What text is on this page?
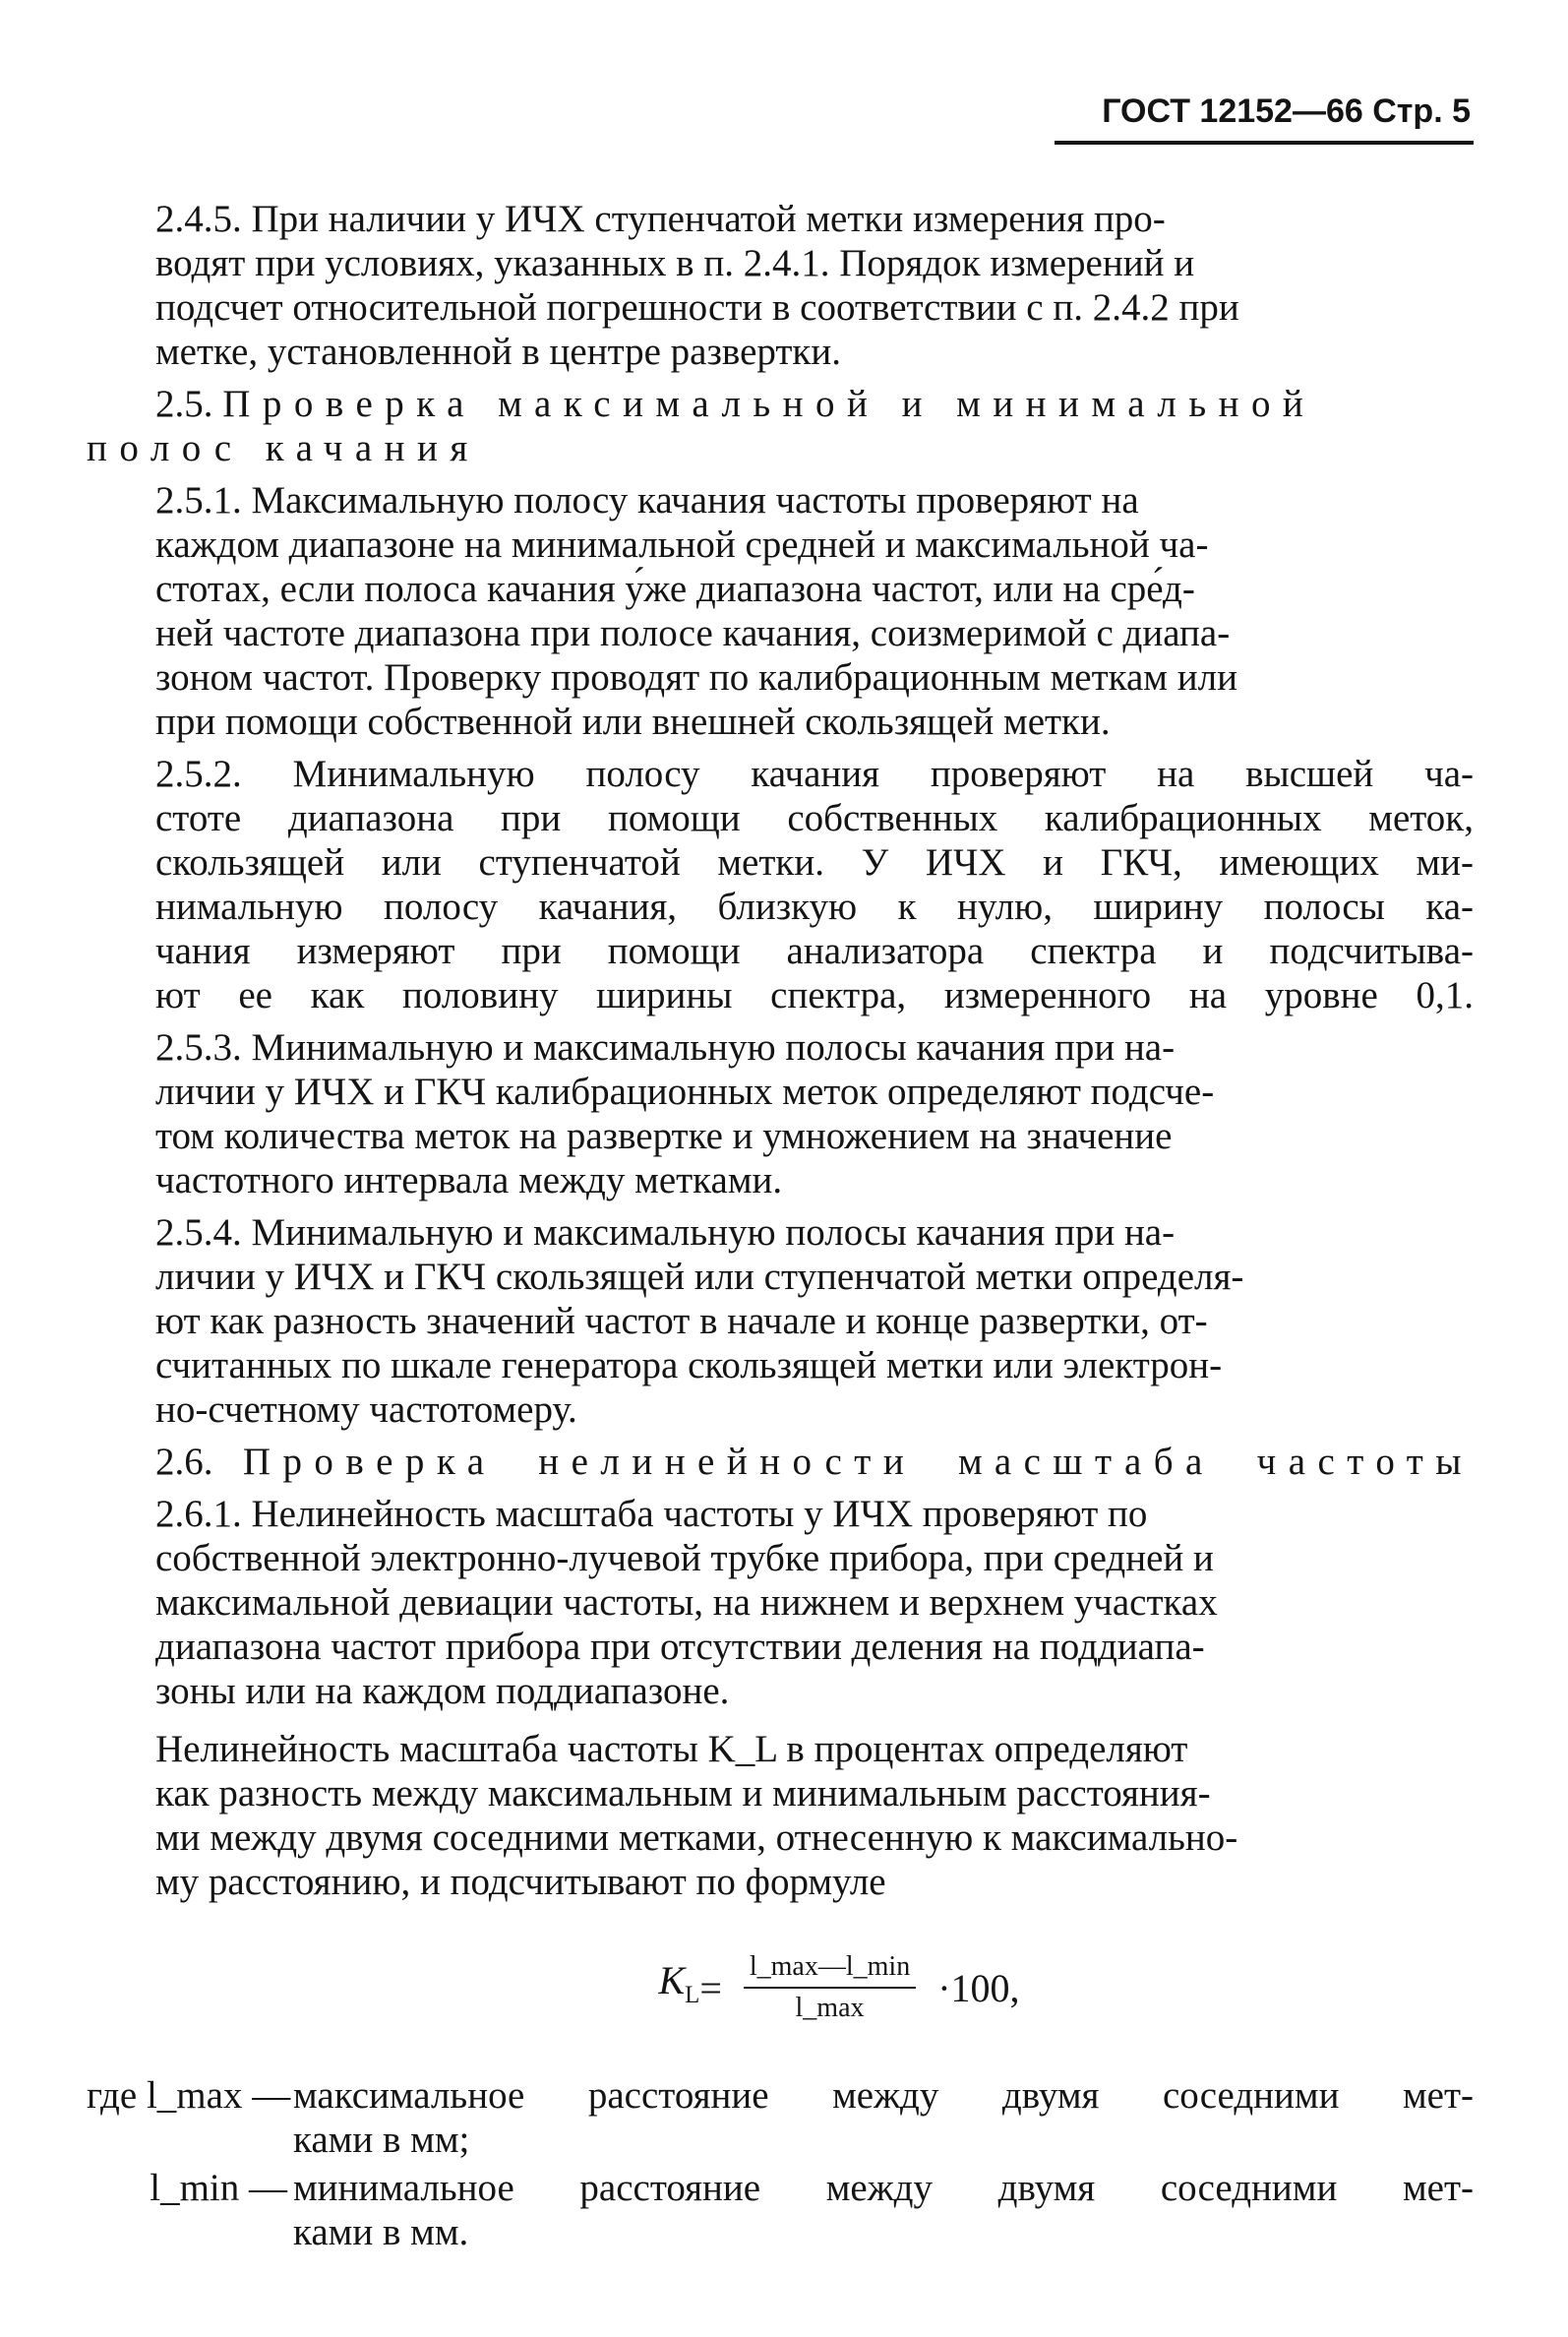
ГОСТ 12152—66 Стр. 5

2.4.5. При наличии у ИЧХ ступенчатой метки измерения про-
водят при условиях, указанных в п. 2.4.1. Порядок измерений и
подсчет относительной погрешности в соответствии с п. 2.4.2 при
метке, установленной в центре развертки.

2.5. Проверка максимальной и минимальной
полос качания

2.5.1. Максимальную полосу качания частоты проверяют на
каждом диапазоне на минимальной средней и максимальной ча-
стотах, если полоса качания у́же диапазона частот, или на сре́д-
ней частоте диапазона при полосе качания, соизмеримой с диапа-
зоном частот. Проверку проводят по калибрационным меткам или
при помощи собственной или внешней скользящей метки.

2.5.2. Минимальную полосу качания проверяют на высшей ча-
стоте диапазона при помощи собственных калибрационных меток,
скользящей или ступенчатой метки. У ИЧХ и ГКЧ, имеющих ми-
нимальную полосу качания, близкую к нулю, ширину полосы ка-
чания измеряют при помощи анализатора спектра и подсчитыва-
ют ее как половину ширины спектра, измеренного на уровне 0,1.

2.5.3. Минимальную и максимальную полосы качания при на-
личии у ИЧХ и ГКЧ калибрационных меток определяют подсче-
том количества меток на развертке и умножением на значение
частотного интервала между метками.

2.5.4. Минимальную и максимальную полосы качания при на-
личии у ИЧХ и ГКЧ скользящей или ступенчатой метки определя-
ют как разность значений частот в начале и конце развертки, от-
считанных по шкале генератора скользящей метки или электрон-
но-счетному частотомеру.

2.6. Проверка нелинейности масштаба частоты

2.6.1. Нелинейность масштаба частоты у ИЧХ проверяют по
собственной электронно-лучевой трубке прибора, при средней и
максимальной девиации частоты, на нижнем и верхнем участках
диапазона частот прибора при отсутствии деления на поддиапа-
зоны или на каждом поддиапазоне.

Нелинейность масштаба частоты K_L в процентах определяют
как разность между максимальным и минимальным расстояния-
ми между двумя соседними метками, отнесенную к максимально-
му расстоянию, и подсчитывают по формуле

$K_L = \frac{l\_\max—l\_\min}{l\_\max} \cdot 100$,
где l_max — максимальное расстояние между двумя соседними мет-
ками в мм;
l_min — минимальное расстояние между двумя соседними мет-
ками в мм.
